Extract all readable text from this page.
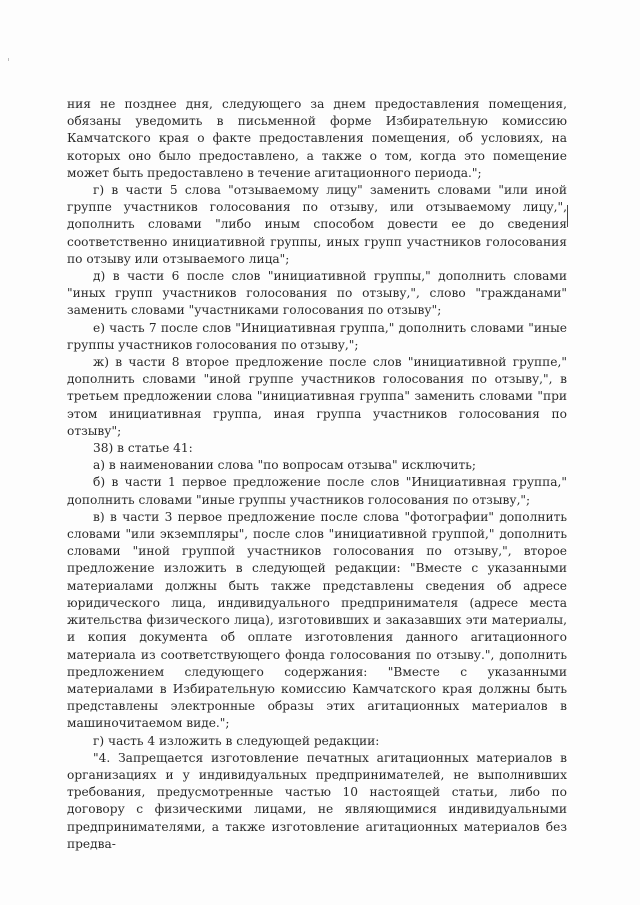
ния не позднее дня, следующего за днем предоставления помещения, обязаны уведомить в письменной форме Избирательную комиссию Камчатского края о факте предоставления помещения, об условиях, на которых оно было предоставлено, а также о том, когда это помещение может быть предоставлено в течение агитационного периода.";

г) в части 5 слова "отзываемому лицу" заменить словами "или иной группе участников голосования по отзыву, или отзываемому лицу,", дополнить словами "либо иным способом довести ее до сведения соответственно инициативной группы, иных групп участников голосования по отзыву или отзываемого лица";

д) в части 6 после слов "инициативной группы," дополнить словами "иных групп участников голосования по отзыву,", слово "гражданами" заменить словами "участниками голосования по отзыву";

е) часть 7 после слов "Инициативная группа," дополнить словами "иные группы участников голосования по отзыву,";

ж) в части 8 второе предложение после слов "инициативной группе," дополнить словами "иной группе участников голосования по отзыву,", в третьем предложении слова "инициативная группа" заменить словами "при этом инициативная группа, иная группа участников голосования по отзыву";

38) в статье 41:

а) в наименовании слова "по вопросам отзыва" исключить;

б) в части 1 первое предложение после слов "Инициативная группа," дополнить словами "иные группы участников голосования по отзыву,";

в) в части 3 первое предложение после слова "фотографии" дополнить словами "или экземпляры", после слов "инициативной группой," дополнить словами "иной группой участников голосования по отзыву,", второе предложение изложить в следующей редакции: "Вместе с указанными материалами должны быть также представлены сведения об адресе юридического лица, индивидуального предпринимателя (адресе места жительства физического лица), изготовивших и заказавших эти материалы, и копия документа об оплате изготовления данного агитационного материала из соответствующего фонда голосования по отзыву.", дополнить предложением следующего содержания: "Вместе с указанными материалами в Избирательную комиссию Камчатского края должны быть представлены электронные образы этих агитационных материалов в машиночитаемом виде.";

г) часть 4 изложить в следующей редакции:

"4. Запрещается изготовление печатных агитационных материалов в организациях и у индивидуальных предпринимателей, не выполнивших требования, предусмотренные частью 10 настоящей статьи, либо по договору с физическими лицами, не являющимися индивидуальными предпринимателями, а также изготовление агитационных материалов без предва-
